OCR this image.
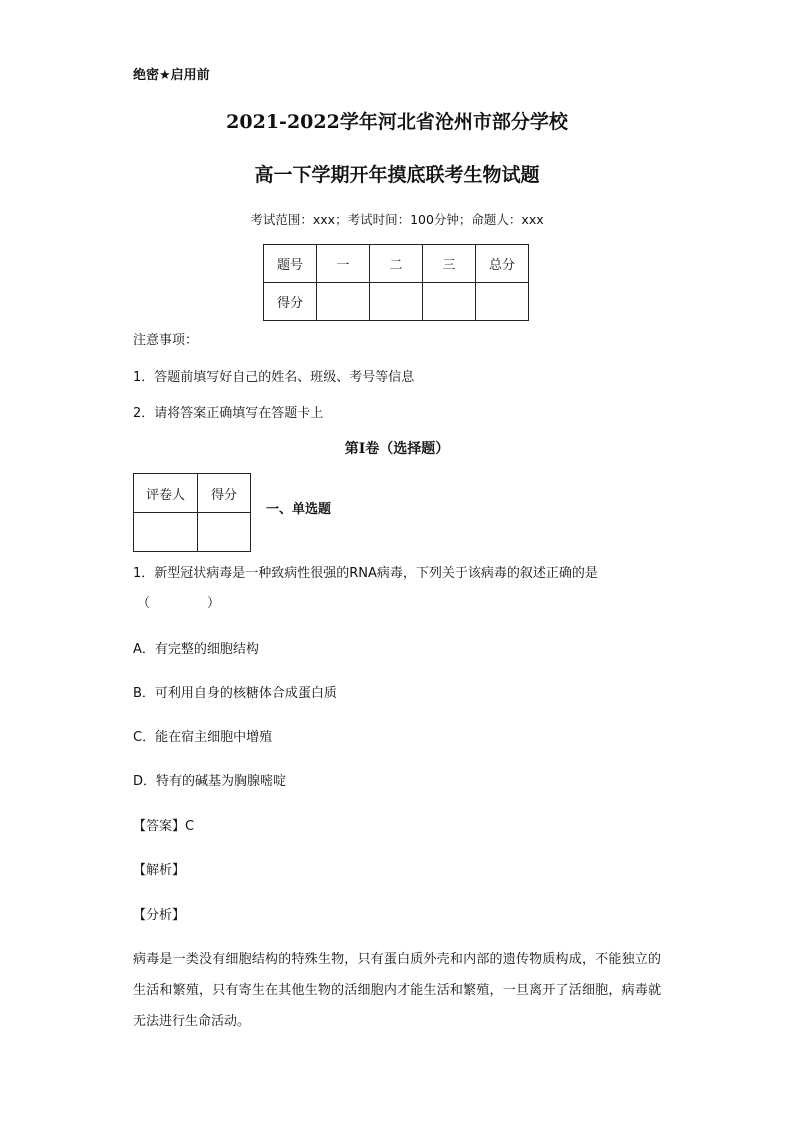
绝密★启用前
2021-2022学年河北省沧州市部分学校
高一下学期开年摸底联考生物试题
考试范围：xxx；考试时间：100分钟；命题人：xxx
题号	一	二	三	总分
得分				
注意事项：
1．答题前填写好自己的姓名、班级、考号等信息
2．请将答案正确填写在答题卡上
第I卷（选择题）
评卷人	得分

一、单选题
1．新型冠状病毒是一种致病性很强的RNA病毒，下列关于该病毒的叙述正确的是
（	）
A．有完整的细胞结构
B．可利用自身的核糖体合成蛋白质
C．能在宿主细胞中增殖
D．特有的碱基为胸腺嘧啶
【答案】C
【解析】
【分析】
病毒是一类没有细胞结构的特殊生物，只有蛋白质外壳和内部的遗传物质构成，不能独立的生活和繁殖，只有寄生在其他生物的活细胞内才能生活和繁殖，一旦离开了活细胞，病毒就无法进行生命活动。
